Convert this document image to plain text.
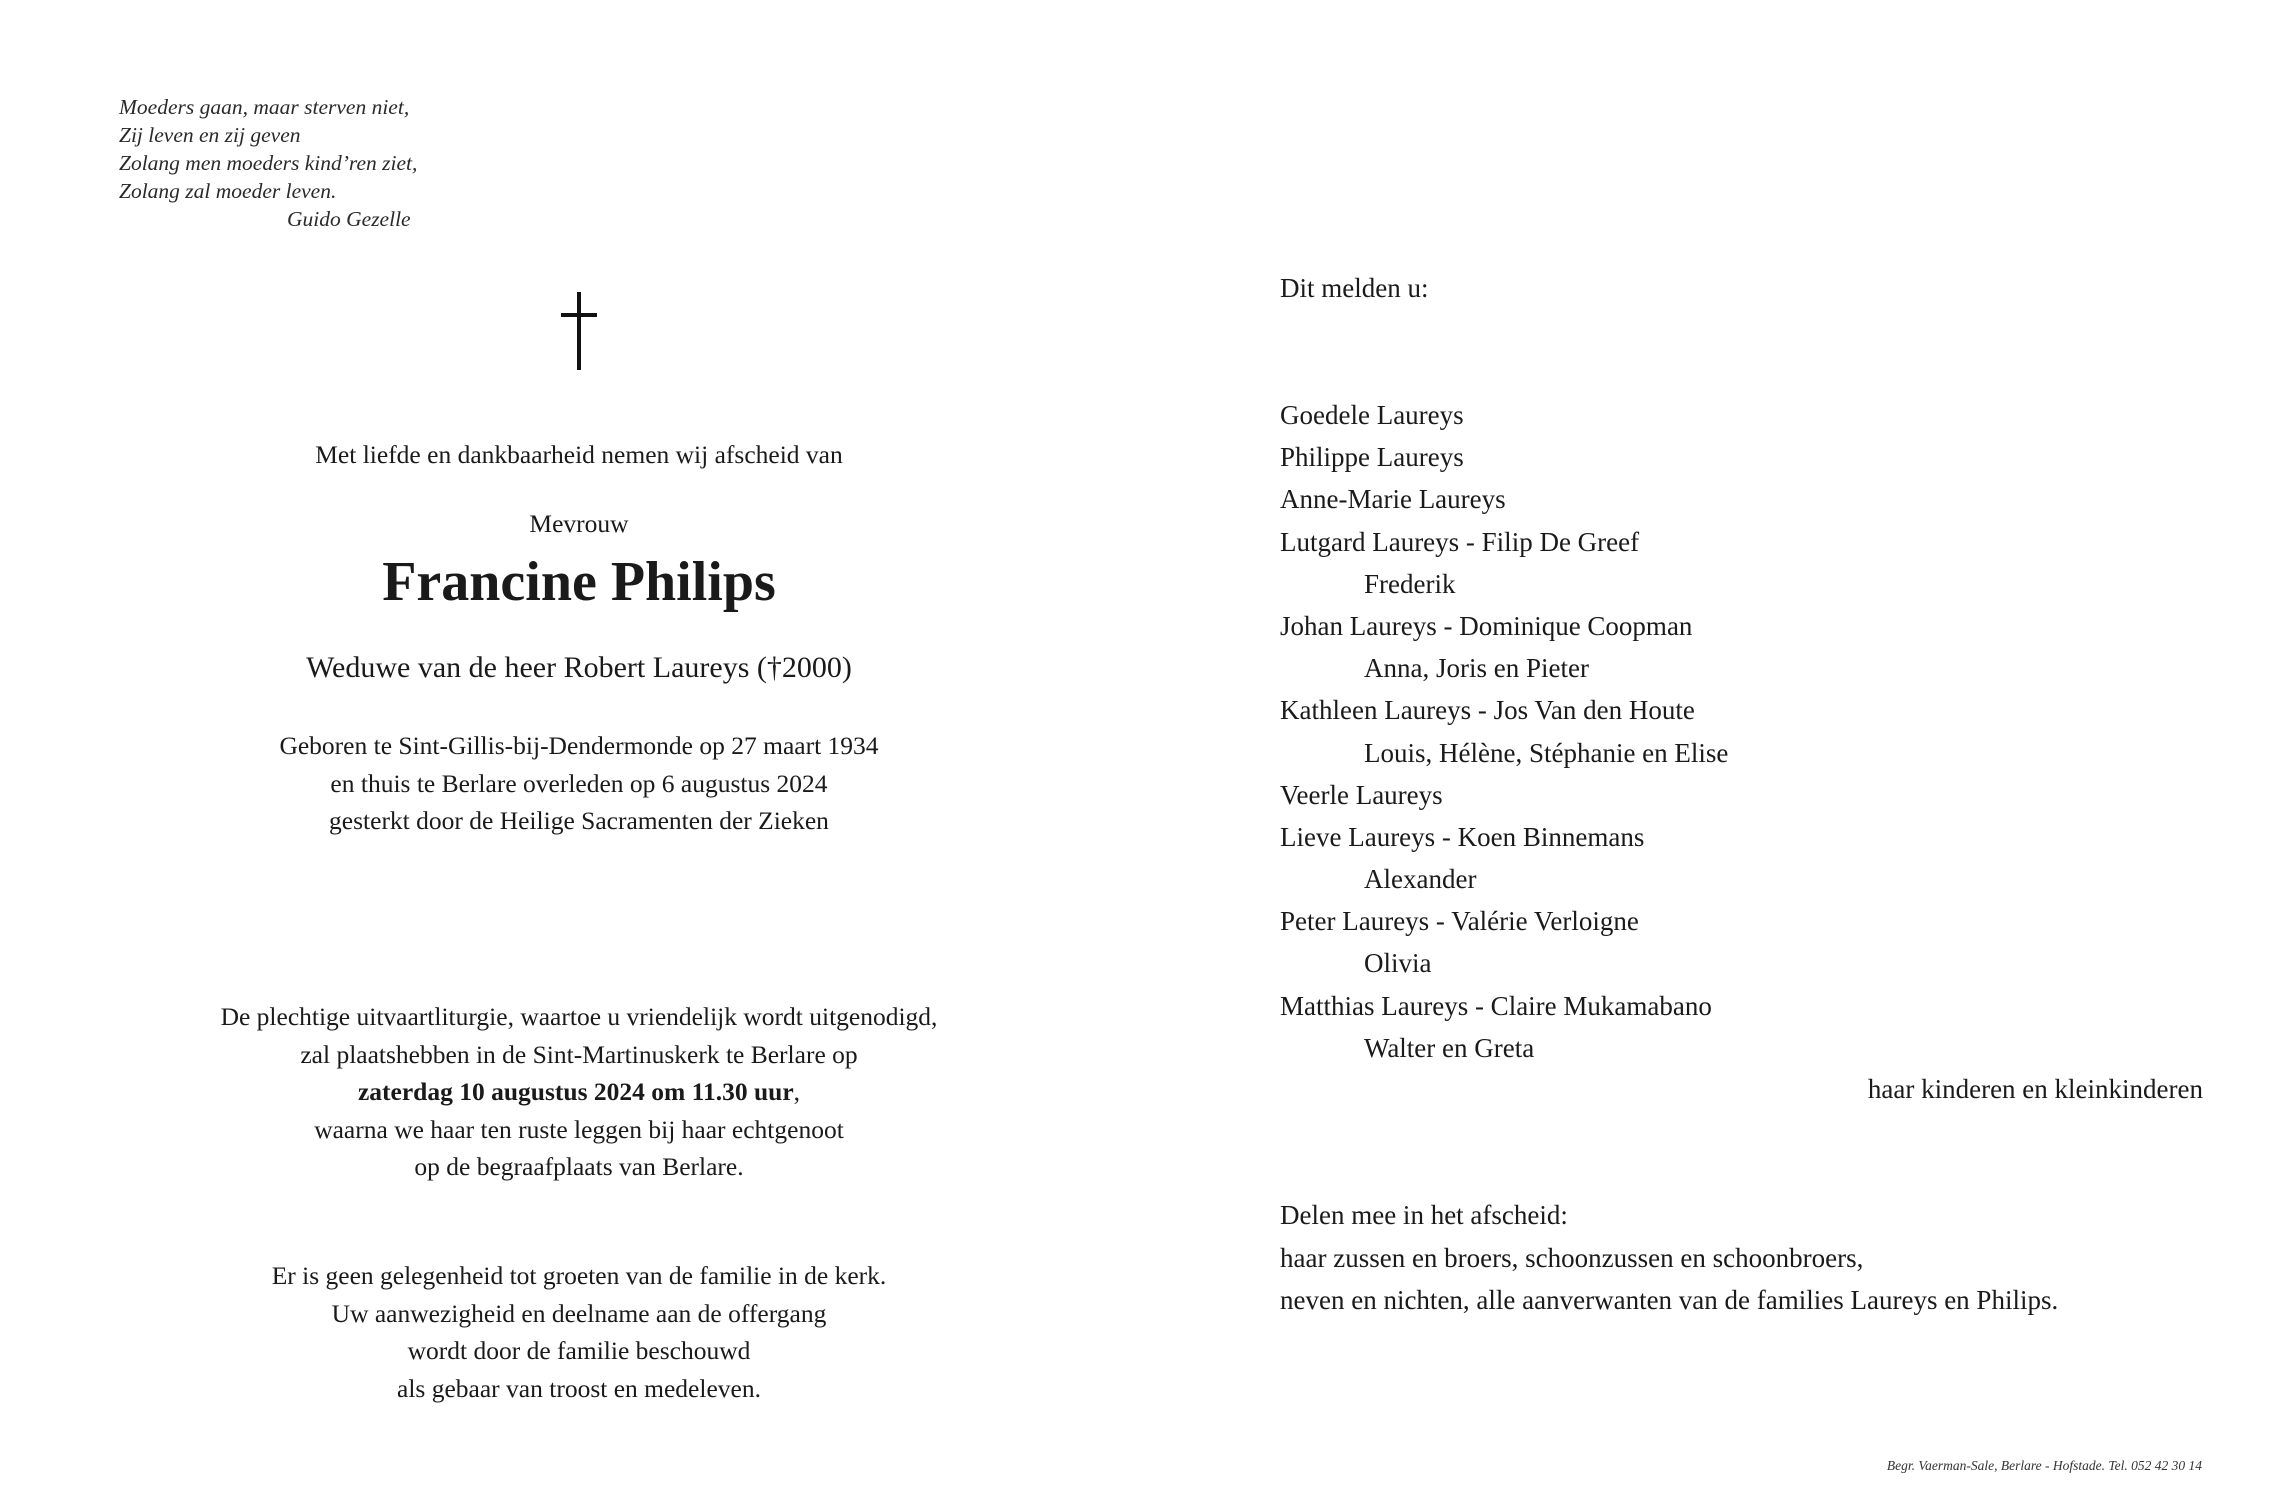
Moeders gaan, maar sterven niet,
Zij leven en zij geven
Zolang men moeders kind’ren ziet,
Zolang zal moeder leven.
Guido Gezelle
Met liefde en dankbaarheid nemen wij afscheid van
Mevrouw
Francine Philips
Weduwe van de heer Robert Laureys (†2000)
Geboren te Sint-Gillis-bij-Dendermonde op 27 maart 1934
en thuis te Berlare overleden op 6 augustus 2024
gesterkt door de Heilige Sacramenten der Zieken
De plechtige uitvaartliturgie, waartoe u vriendelijk wordt uitgenodigd,
zal plaatshebben in de Sint-Martinuskerk te Berlare op
zaterdag 10 augustus 2024 om 11.30 uur,
waarna we haar ten ruste leggen bij haar echtgenoot
op de begraafplaats van Berlare.
Er is geen gelegenheid tot groeten van de familie in de kerk.
Uw aanwezigheid en deelname aan de offergang
wordt door de familie beschouwd
als gebaar van troost en medeleven.
Dit melden u:
Goedele Laureys
Philippe Laureys
Anne-Marie Laureys
Lutgard Laureys - Filip De Greef
Frederik
Johan Laureys - Dominique Coopman
Anna, Joris en Pieter
Kathleen Laureys - Jos Van den Houte
Louis, Hélène, Stéphanie en Elise
Veerle Laureys
Lieve Laureys - Koen Binnemans
Alexander
Peter Laureys - Valérie Verloigne
Olivia
Matthias Laureys - Claire Mukamabano
Walter en Greta
haar kinderen en kleinkinderen
Delen mee in het afscheid:
haar zussen en broers, schoonzussen en schoonbroers,
neven en nichten, alle aanverwanten van de families Laureys en Philips.
Begr. Vaerman-Sale, Berlare - Hofstade. Tel. 052 42 30 14
